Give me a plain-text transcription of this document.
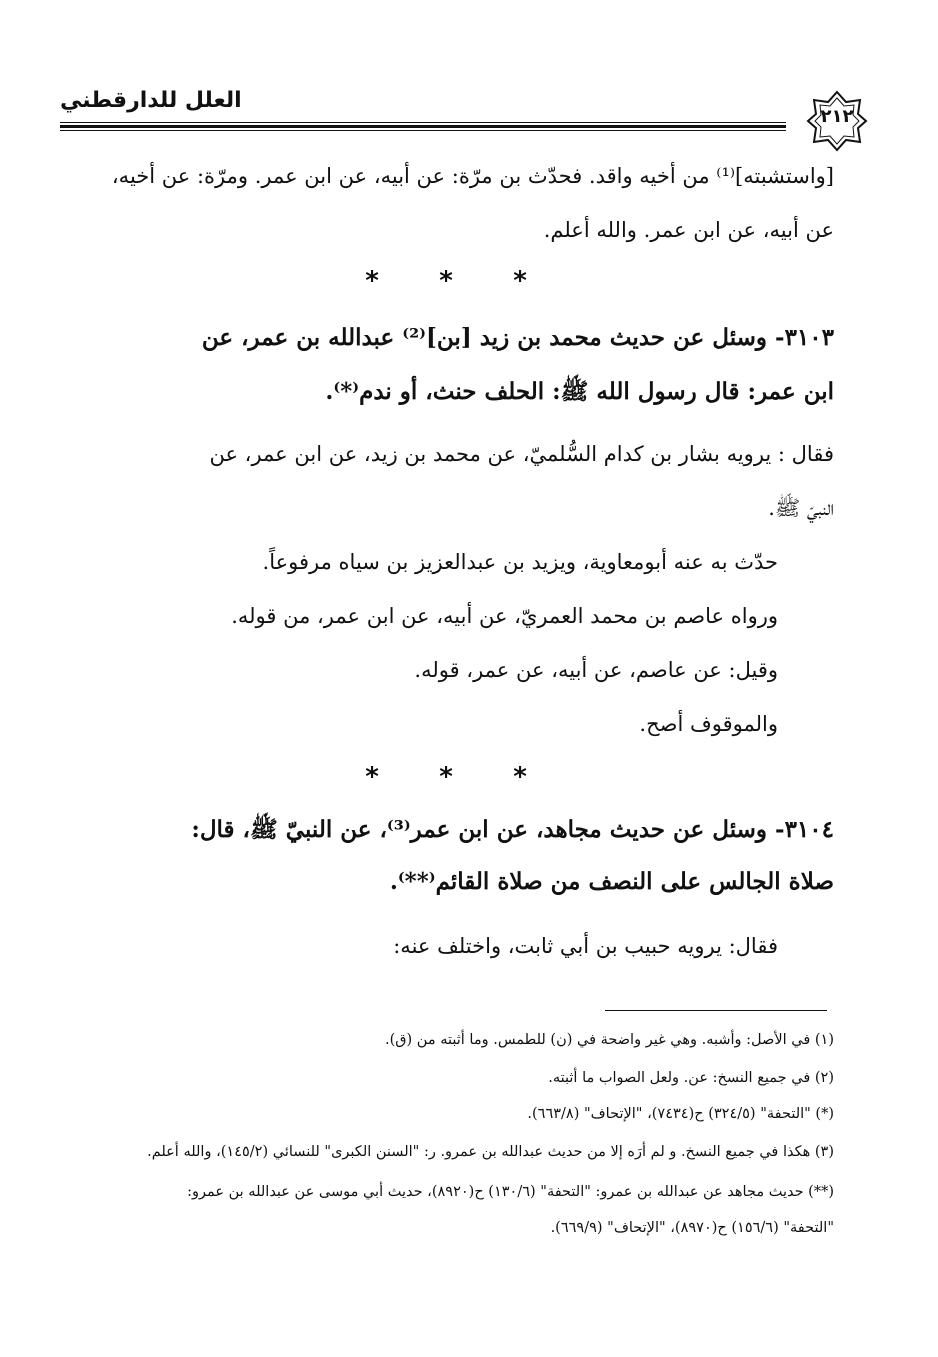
العلل للدارقطني
٢١٢
[واستشبته]⁽¹⁾ من أخيه واقد. فحدّث بن مرّة: عن أبيه، عن ابن عمر. ومرّة: عن أخيه،
عن أبيه، عن ابن عمر. والله أعلم.
* * *
٣١٠٣- وسئل عن حديث محمد بن زيد [بن]⁽²⁾ عبدالله بن عمر، عن
ابن عمر: قال رسول الله ﷺ: الحلف حنث، أو ندم⁽*⁾.
فقال : يرويه بشار بن كدام السُّلميّ، عن محمد بن زيد، عن ابن عمر، عن
النبيّ ﷺ.
حدّث به عنه أبومعاوية، ويزيد بن عبدالعزيز بن سياه مرفوعاً.
ورواه عاصم بن محمد العمريّ، عن أبيه، عن ابن عمر، من قوله.
وقيل: عن عاصم، عن أبيه، عن عمر، قوله.
والموقوف أصح.
* * *
٣١٠٤- وسئل عن حديث مجاهد، عن ابن عمر⁽³⁾، عن النبيّ ﷺ، قال:
صلاة الجالس على النصف من صلاة القائم⁽**⁾.
فقال: يرويه حبيب بن أبي ثابت، واختلف عنه:
(١) في الأصل: وأشبه. وهي غير واضحة في (ن) للطمس. وما أثبته من (ق).
(٢) في جميع النسخ: عن. ولعل الصواب ما أثبته.
(*) "التحفة" (٣٢٤/٥) ح(٧٤٣٤)، "الإتحاف" (٦٦٣/٨).
(٣) هكذا في جميع النسخ. و لم أرَه إلا من حديث عبدالله بن عمرو. ر: "السنن الكبرى" للنسائي (١٤٥/٢)، والله أعلم.
(**) حديث مجاهد عن عبدالله بن عمرو: "التحفة" (١٣٠/٦) ح(٨٩٢٠)، حديث أبي موسى عن عبدالله بن عمرو:
"التحفة" (١٥٦/٦) ح(٨٩٧٠)، "الإتحاف" (٦٦٩/٩).
